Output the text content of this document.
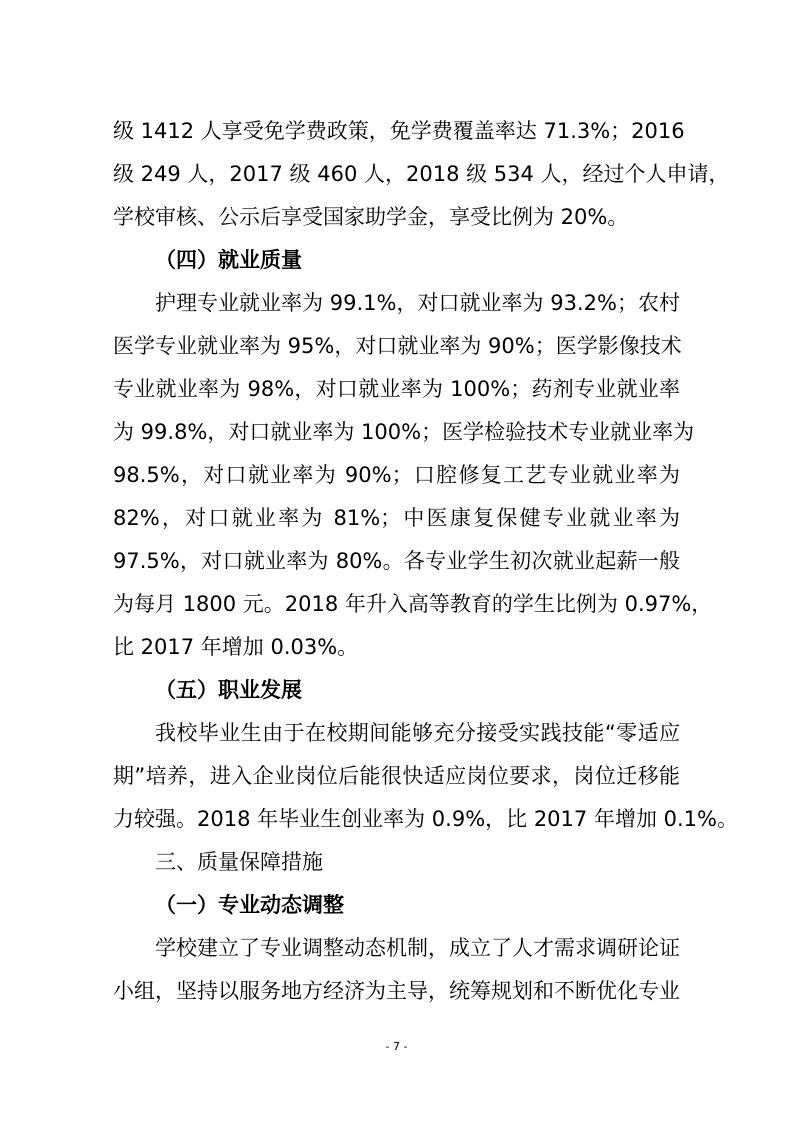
级 1412 人享受免学费政策，免学费覆盖率达 71.3%；2016
级 249 人，2017 级 460 人，2018 级 534 人，经过个人申请，
学校审核、公示后享受国家助学金，享受比例为 20%。
（四）就业质量
护理专业就业率为 99.1%，对口就业率为 93.2%；农村
医学专业就业率为 95%，对口就业率为 90%；医学影像技术
专业就业率为 98%，对口就业率为 100%；药剂专业就业率
为 99.8%，对口就业率为 100%；医学检验技术专业就业率为
98.5%，对口就业率为 90%；口腔修复工艺专业就业率为
82%，对口就业率为 81%；中医康复保健专业就业率为
97.5%，对口就业率为 80%。各专业学生初次就业起薪一般
为每月 1800 元。2018 年升入高等教育的学生比例为 0.97%，
比 2017 年增加 0.03%。
（五）职业发展
我校毕业生由于在校期间能够充分接受实践技能“零适应
期”培养，进入企业岗位后能很快适应岗位要求，岗位迁移能
力较强。2018 年毕业生创业率为 0.9%，比 2017 年增加 0.1%。
三、质量保障措施
（一）专业动态调整
学校建立了专业调整动态机制，成立了人才需求调研论证
小组，坚持以服务地方经济为主导，统筹规划和不断优化专业
- 7 -
